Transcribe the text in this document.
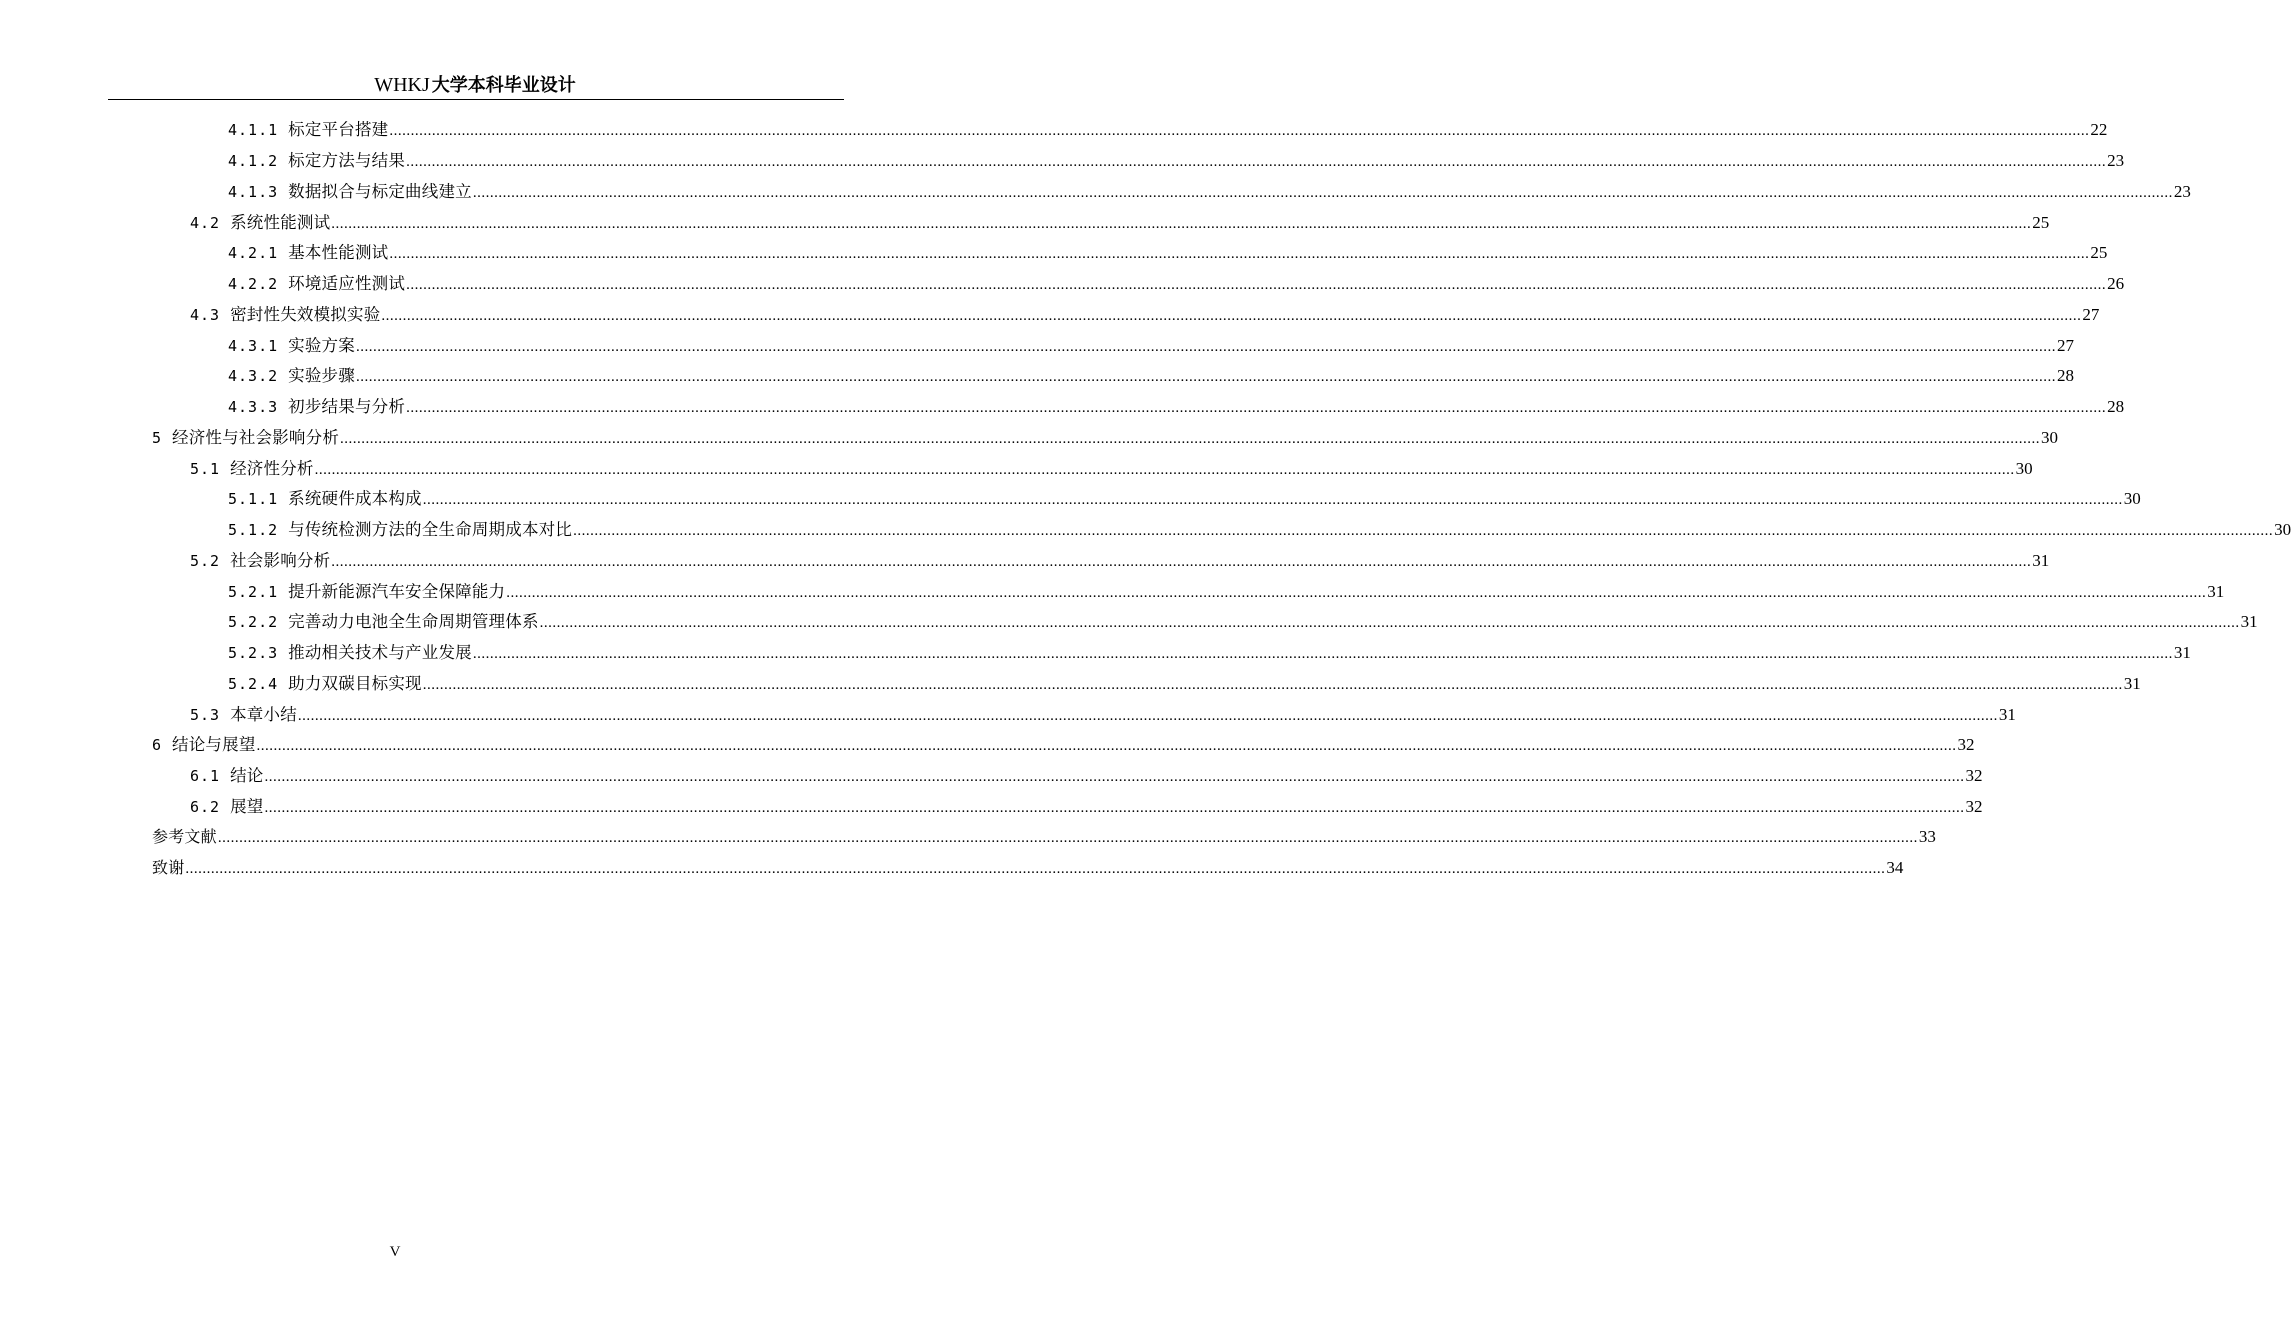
WHKJ 大学本科毕业设计
4.1.1 标定平台搭建 ................................................................................................................................................................................................................................................................................................................................................................................................................ 22
4.1.2 标定方法与结果 ................................................................................................................................................................................................................................................................................................................................................................................................................ 23
4.1.3 数据拟合与标定曲线建立 ................................................................................................................................................................................................................................................................................................................................................................................................................ 23
4.2 系统性能测试 ................................................................................................................................................................................................................................................................................................................................................................................................................ 25
4.2.1 基本性能测试 ................................................................................................................................................................................................................................................................................................................................................................................................................ 25
4.2.2 环境适应性测试 ................................................................................................................................................................................................................................................................................................................................................................................................................ 26
4.3 密封性失效模拟实验 ................................................................................................................................................................................................................................................................................................................................................................................................................ 27
4.3.1 实验方案 ................................................................................................................................................................................................................................................................................................................................................................................................................ 27
4.3.2 实验步骤 ................................................................................................................................................................................................................................................................................................................................................................................................................ 28
4.3.3 初步结果与分析 ................................................................................................................................................................................................................................................................................................................................................................................................................ 28
5 经济性与社会影响分析 ................................................................................................................................................................................................................................................................................................................................................................................................................ 30
5.1 经济性分析 ................................................................................................................................................................................................................................................................................................................................................................................................................ 30
5.1.1 系统硬件成本构成 ................................................................................................................................................................................................................................................................................................................................................................................................................ 30
5.1.2 与传统检测方法的全生命周期成本对比 ................................................................................................................................................................................................................................................................................................................................................................................................................ 30
5.2 社会影响分析 ................................................................................................................................................................................................................................................................................................................................................................................................................ 31
5.2.1 提升新能源汽车安全保障能力 ................................................................................................................................................................................................................................................................................................................................................................................................................ 31
5.2.2 完善动力电池全生命周期管理体系 ................................................................................................................................................................................................................................................................................................................................................................................................................ 31
5.2.3 推动相关技术与产业发展 ................................................................................................................................................................................................................................................................................................................................................................................................................ 31
5.2.4 助力双碳目标实现 ................................................................................................................................................................................................................................................................................................................................................................................................................ 31
5.3 本章小结 ................................................................................................................................................................................................................................................................................................................................................................................................................ 31
6 结论与展望 ................................................................................................................................................................................................................................................................................................................................................................................................................ 32
6.1 结论 ................................................................................................................................................................................................................................................................................................................................................................................................................ 32
6.2 展望 ................................................................................................................................................................................................................................................................................................................................................................................................................ 32
参考文献 ................................................................................................................................................................................................................................................................................................................................................................................................................ 33
致谢 ................................................................................................................................................................................................................................................................................................................................................................................................................ 34
V
